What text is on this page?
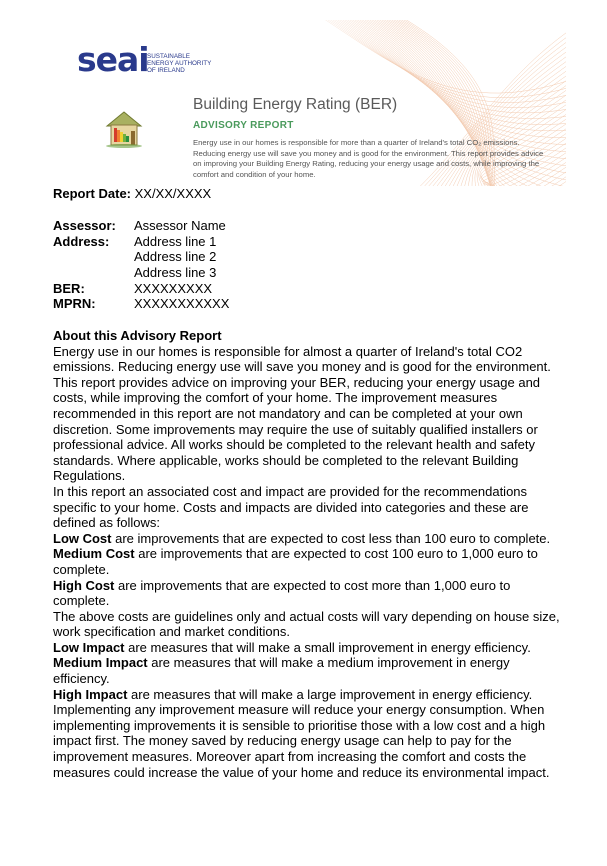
seai
SUSTAINABLE
ENERGY AUTHORITY
OF IRELAND
Building Energy Rating (BER)
ADVISORY REPORT
Energy use in our homes is responsible for more than a quarter of Ireland's total CO₂ emissions. Reducing energy use will save you money and is good for the environment. This report provides advice on improving your Building Energy Rating, reducing your energy usage and costs, while improving the comfort and condition of your home.
Report Date: XX/XX/XXXX
Assessor: Assessor Name
Address: Address line 1
Address line 2
Address line 3
BER:	XXXXXXXXX
MPRN:	XXXXXXXXXXX

About this Advisory Report

Energy use in our homes is responsible for almost a quarter of Ireland's total CO2 emissions. Reducing energy use will save you money and is good for the environment. This report provides advice on improving your BER, reducing your energy usage and costs, while improving the comfort of your home. The improvement measures recommended in this report are not mandatory and can be completed at your own discretion. Some improvements may require the use of suitably qualified installers or professional advice. All works should be completed to the relevant health and safety standards. Where applicable, works should be completed to the relevant Building Regulations.

In this report an associated cost and impact are provided for the recommendations specific to your home. Costs and impacts are divided into categories and these are defined as follows:

Low Cost are improvements that are expected to cost less than 100 euro to complete.

Medium Cost are improvements that are expected to cost 100 euro to 1,000 euro to complete.

High Cost are improvements that are expected to cost more than 1,000 euro to complete.

The above costs are guidelines only and actual costs will vary depending on house size, work specification and market conditions.

Low Impact are measures that will make a small improvement in energy efficiency.

Medium Impact are measures that will make a medium improvement in energy efficiency.

High Impact are measures that will make a large improvement in energy efficiency.

Implementing any improvement measure will reduce your energy consumption. When implementing improvements it is sensible to prioritise those with a low cost and a high impact first. The money saved by reducing energy usage can help to pay for the improvement measures. Moreover apart from increasing the comfort and costs the measures could increase the value of your home and reduce its environmental impact.
